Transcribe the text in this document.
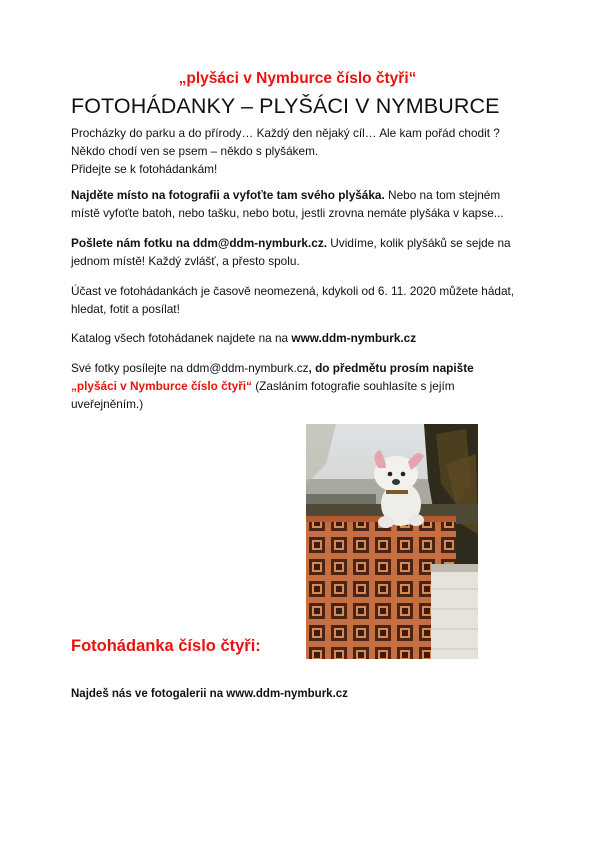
„plyšáci v Nymburce číslo čtyři“
FOTOHÁDANKY – PLYŠÁCI V NYMBURCE
Procházky do parku a do přírody… Každý den nějaký cíl… Ale kam pořád chodit ?
Někdo chodí ven se psem – někdo s plyšákem.
Přidejte se k fotohádankám!
Najděte místo na fotografii a vyfoťte tam svého plyšáka. Nebo na tom stejném
místě vyfoťte batoh, nebo tašku, nebo botu, jestli zrovna nemáte plyšáka v kapse...
Pošlete nám fotku na ddm@ddm-nymburk.cz. Uvidíme, kolik plyšáků se sejde na
jednom místě! Každý zvlášť, a přesto spolu.
Účast ve fotohádankách je časově neomezená, kdykoli od 6. 11. 2020 můžete hádat,
hledat, fotit a posílat!
Katalog všech fotohádanek najdete na na www.ddm-nymburk.cz
Své fotky posílejte na ddm@ddm-nymburk.cz, do předmětu prosím napište
„plyšáci v Nymburce číslo čtyři“ (Zasláním fotografie souhlasíte s jejím
uveřejněním.)
Fotohádanka číslo čtyři:
Najdeš nás ve fotogalerii na www.ddm-nymburk.cz
